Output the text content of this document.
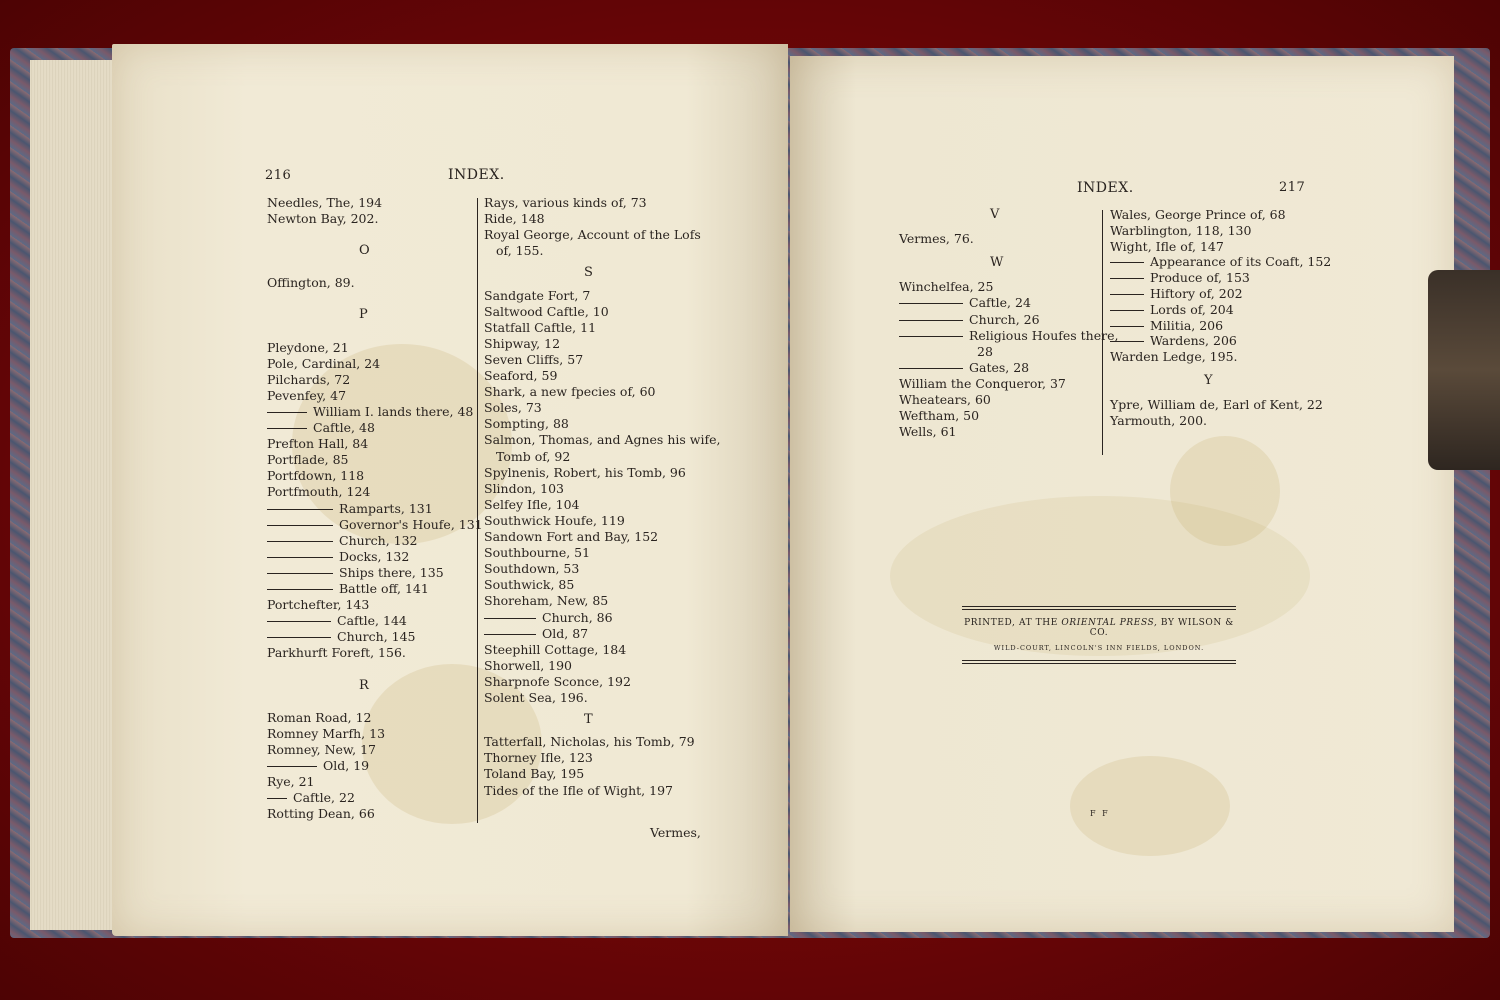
216	INDEX.
Needles, The, 194
Newton Bay, 202.
O
Offington, 89.
P
Pleydone, 21
Pole, Cardinal, 24
Pilchards, 72
Pevenfey, 47
William I. lands there, 48
Caftle, 48
Prefton Hall, 84
Portflade, 85
Portfdown, 118
Portfmouth, 124
Ramparts, 131
Governor's Houfe, 131
Church, 132
Docks, 132
Ships there, 135
Battle off, 141
Portchefter, 143
Caftle, 144
Church, 145
Parkhurft Foreft, 156.
R
Roman Road, 12
Romney Marfh, 13
Romney, New, 17
Old, 19
Rye, 21
Caftle, 22
Rotting Dean, 66
Rays, various kinds of, 73
Ride, 148
Royal George, Account of the Lofs
of, 155.
S
Sandgate Fort, 7
Saltwood Caftle, 10
Statfall Caftle, 11
Shipway, 12
Seven Cliffs, 57
Seaford, 59
Shark, a new fpecies of, 60
Soles, 73
Sompting, 88
Salmon, Thomas, and Agnes his wife,
Tomb of, 92
Spylnenis, Robert, his Tomb, 96
Slindon, 103
Selfey Ifle, 104
Southwick Houfe, 119
Sandown Fort and Bay, 152
Southbourne, 51
Southdown, 53
Southwick, 85
Shoreham, New, 85
Church, 86
Old, 87
Steephill Cottage, 184
Shorwell, 190
Sharpnofe Sconce, 192
Solent Sea, 196.
T
Tatterfall, Nicholas, his Tomb, 79
Thorney Ifle, 123
Toland Bay, 195
Tides of the Ifle of Wight, 197
Vermes,
INDEX.	217
V
Vermes, 76.
W
Winchelfea, 25
Caftle, 24
Church, 26
Religious Houfes there,
28
Gates, 28
William the Conqueror, 37
Wheatears, 60
Weftham, 50
Wells, 61
Wales, George Prince of, 68
Warblington, 118, 130
Wight, Ifle of, 147
Appearance of its Coaft, 152
Produce of, 153
Hiftory of, 202
Lords of, 204
Militia, 206
Wardens, 206
Warden Ledge, 195.
Y
Ypre, William de, Earl of Kent, 22
Yarmouth, 200.
PRINTED, AT THE ORIENTAL PRESS, BY WILSON & CO.
WILD-COURT, LINCOLN'S INN FIELDS, LONDON.
F F
